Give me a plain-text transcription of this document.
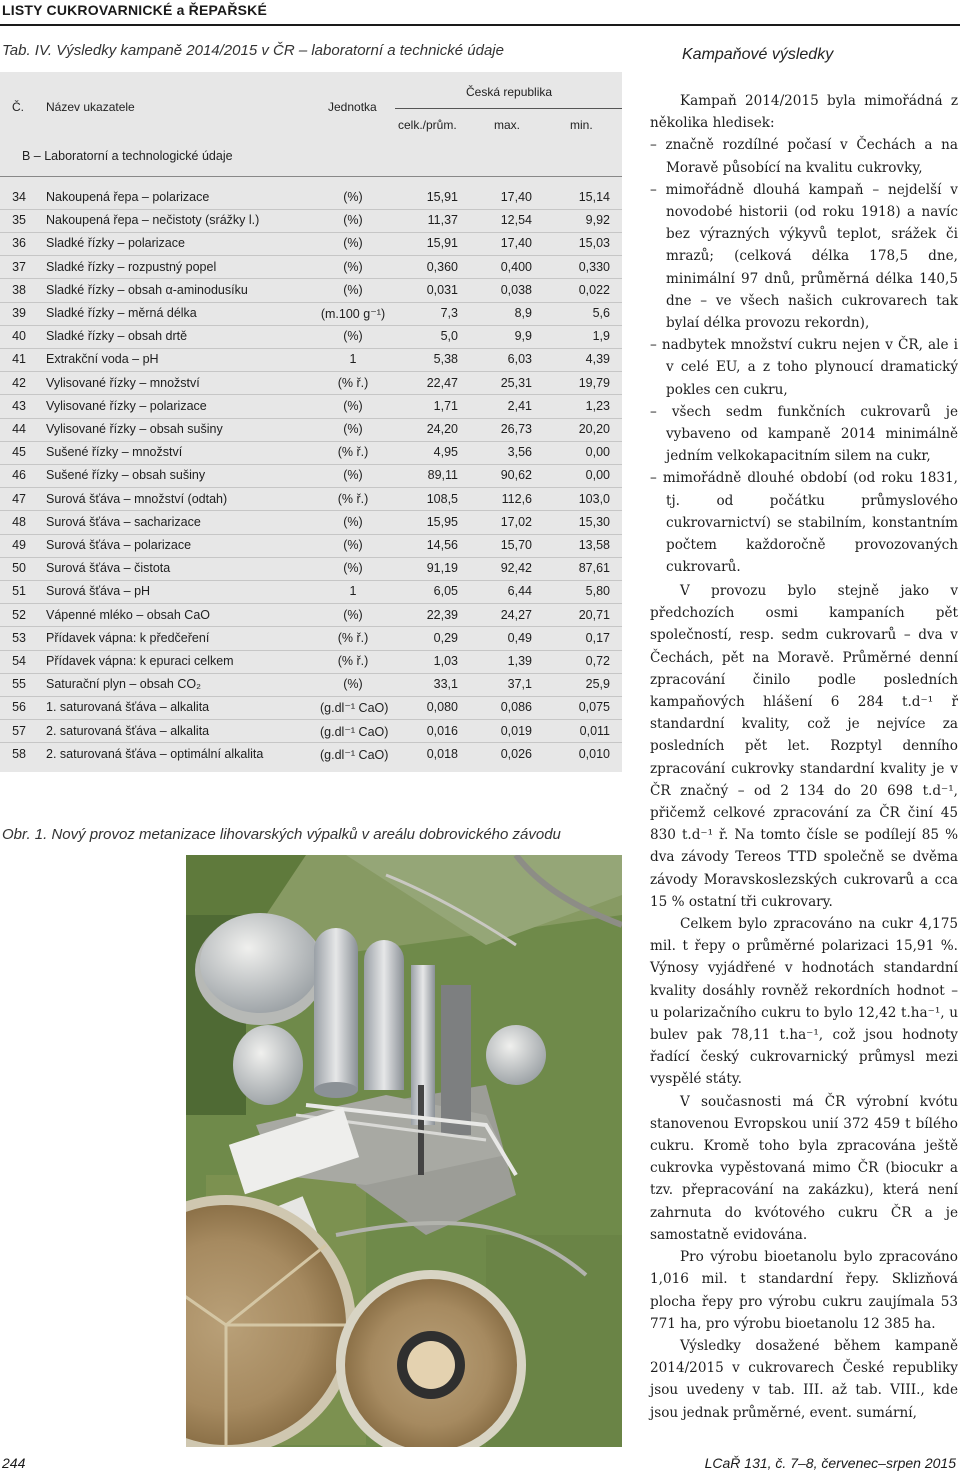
LISTY CUKROVARNICKÉ a ŘEPAŘSKÉ
Tab. IV. Výsledky kampaně 2014/2015 v ČR – laboratorní a technické údaje	Kampaňové výsledky
Č. Název ukazatele	Jednotka
Česká republika
celk./prům.	max.	min.
B – Laboratorní a technologické údaje
34 Nakoupená řepa – polarizace	(%)	15,91	17,40	15,14
35 Nakoupená řepa – nečistoty (srážky l.)	(%)	11,37	12,54	9,92
36 Sladké řízky – polarizace	(%)	15,91	17,40	15,03
37 Sladké řízky – rozpustný popel	(%)	0,360	0,400	0,330
38 Sladké řízky – obsah α-aminodusíku	(%)	0,031	0,038	0,022
39 Sladké řízky – měrná délka	(m.100 g⁻¹)	7,3	8,9	5,6
40 Sladké řízky – obsah drtě	(%)	5,0	9,9	1,9
41 Extrakční voda – pH	1	5,38	6,03	4,39
42 Vylisované řízky – množství	(% ř.)	22,47	25,31	19,79
43 Vylisované řízky – polarizace	(%)	1,71	2,41	1,23
44 Vylisované řízky – obsah sušiny	(%)	24,20	26,73	20,20
45 Sušené řízky – množství	(% ř.)	4,95	3,56	0,00
46 Sušené řízky – obsah sušiny	(%)	89,11	90,62	0,00
47 Surová šťáva – množství (odtah)	(% ř.)	108,5	112,6	103,0
48 Surová šťáva – sacharizace	(%)	15,95	17,02	15,30
49 Surová šťáva – polarizace	(%)	14,56	15,70	13,58
50 Surová šťáva – čistota	(%)	91,19	92,42	87,61
51 Surová šťáva – pH	1	6,05	6,44	5,80
52 Vápenné mléko – obsah CaO	(%)	22,39	24,27	20,71
53 Přídavek vápna: k předčeření	(% ř.)	0,29	0,49	0,17
54 Přídavek vápna: k epuraci celkem	(% ř.)	1,03	1,39	0,72
55 Saturační plyn – obsah CO₂	(%)	33,1	37,1	25,9
56 1. saturovaná šťáva – alkalita	(g.dl⁻¹ CaO)	0,080	0,086	0,075
57 2. saturovaná šťáva – alkalita	(g.dl⁻¹ CaO)	0,016	0,019	0,011
58 2. saturovaná šťáva – optimální alkalita	(g.dl⁻¹ CaO)	0,018	0,026	0,010
Obr. 1. Nový provoz metanizace lihovarských výpalků v areálu dobrovického závodu

Kampaň 2014/2015 byla mimořádná z několika hledisek:

– značně rozdílné počasí v Čechách a na Moravě působící na kvalitu cukrovky,

– mimořádně dlouhá kampaň – nejdelší v novodobé historii (od roku 1918) a navíc bez výrazných výkyvů teplot, srážek či mrazů; (celková délka 178,5 dne, minimální 97 dnů, průměrná délka 140,5 dne – ve všech našich cukrovarech tak bylaí délka provozu rekordn),

– nadbytek množství cukru nejen v ČR, ale i v celé EU, a z toho plynoucí dramatický pokles cen cukru,

– všech sedm funkčních cukrovarů je vybaveno od kampaně 2014 minimálně jedním velkokapacitním silem na cukr,

– mimořádně dlouhé období (od roku 1831, tj. od počátku průmyslového cukrovarnictví) se stabilním, konstantním počtem každoročně provozovaných cukrovarů.

V provozu bylo stejně jako v předchozích osmi kampaních pět společností, resp. sedm cukrovarů – dva v Čechách, pět na Moravě. Průměrné denní zpracování činilo podle posledních kampaňových hlášení 6 284 t.d⁻¹ ř standardní kvality, což je nejvíce za posledních pět let. Rozptyl denního zpracování cukrovky standardní kvality je v ČR značný – od 2 134 do 20 698 t.d⁻¹, přičemž celkové zpracování za ČR činí 45 830 t.d⁻¹ ř. Na tomto čísle se podílejí 85 % dva závody Tereos TTD společně se dvěma závody Moravskoslezských cukrovarů a cca 15 % ostatní tři cukrovary.

Celkem bylo zpracováno na cukr 4,175 mil. t řepy o průměrné polarizaci 15,91 %. Výnosy vyjádřené v hodnotách standardní kvality dosáhly rovněž rekordních hodnot – u polarizačního cukru to bylo 12,42 t.ha⁻¹, u bulev pak 78,11 t.ha⁻¹, což jsou hodnoty řadící český cukrovarnický průmysl mezi vyspělé státy.

V současnosti má ČR výrobní kvótu stanovenou Evropskou unií 372 459 t bílého cukru. Kromě toho byla zpracována ještě cukrovka vypěstovaná mimo ČR (biocukr a tzv. přepracování na zakázku), která není zahrnuta do kvótového cukru ČR a je samostatně evidována.

Pro výrobu bioetanolu bylo zpracováno 1,016 mil. t standardní řepy. Sklizňová plocha řepy pro výrobu cukru zaujímala 53 771 ha, pro výrobu bioetanolu 12 385 ha.

Výsledky dosažené během kampaně 2014/2015 v cukrovarech České republiky jsou uvedeny v tab. III. až tab. VIII., kde jsou jednak průměrné, event. sumární,

244	LCaŘ 131, č. 7–8, červenec–srpen 2015
